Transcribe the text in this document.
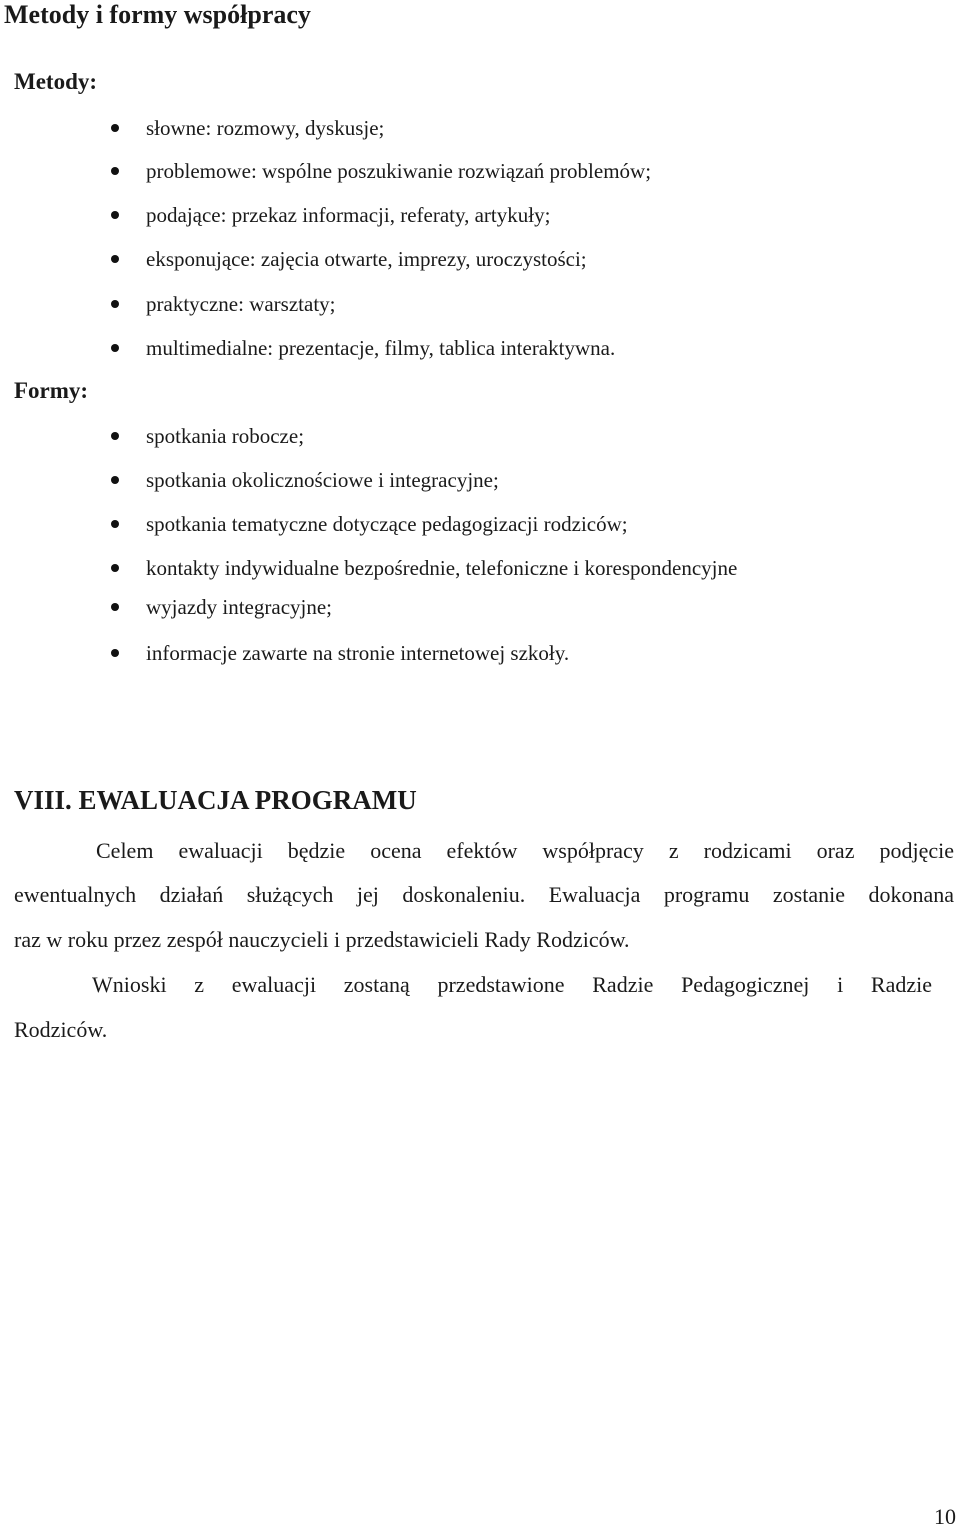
Metody i formy współpracy
Metody:
słowne: rozmowy, dyskusje;
problemowe: wspólne poszukiwanie rozwiązań problemów;
podające: przekaz informacji, referaty, artykuły;
eksponujące: zajęcia otwarte, imprezy, uroczystości;
praktyczne: warsztaty;
multimedialne: prezentacje, filmy, tablica interaktywna.
Formy:
spotkania robocze;
spotkania okolicznościowe i integracyjne;
spotkania tematyczne dotyczące pedagogizacji rodziców;
kontakty indywidualne bezpośrednie, telefoniczne i korespondencyjne
wyjazdy integracyjne;
informacje zawarte na stronie internetowej szkoły.
VIII. EWALUACJA PROGRAMU
Celem ewaluacji będzie ocena efektów współpracy z rodzicami oraz podjęcie
ewentualnych działań służących jej doskonaleniu. Ewaluacja programu zostanie dokonana
raz w roku przez zespół nauczycieli i przedstawicieli Rady Rodziców.
Wnioski z ewaluacji zostaną przedstawione Radzie Pedagogicznej i Radzie
Rodziców.
10
